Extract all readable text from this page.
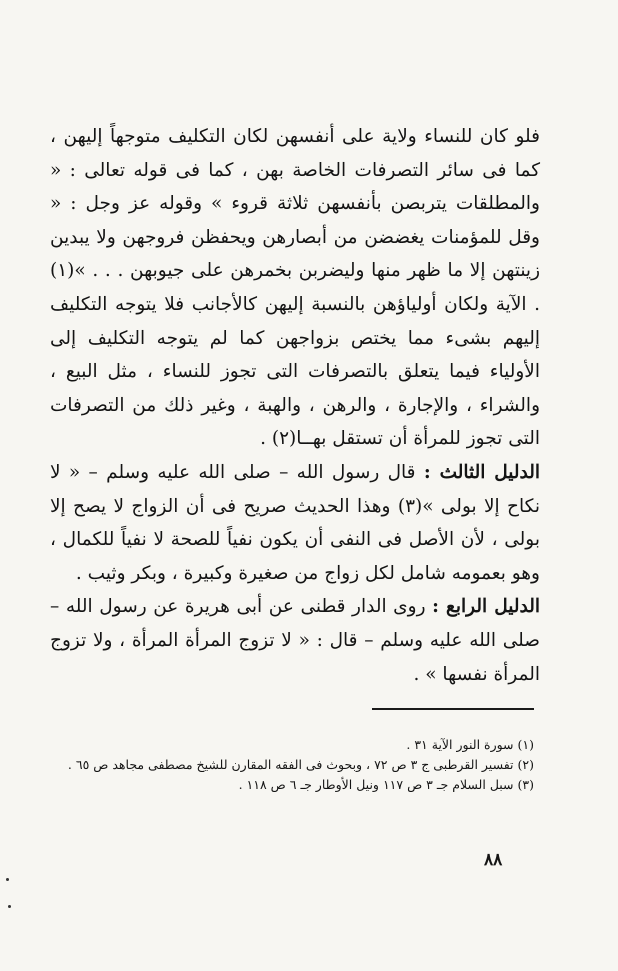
فلو كان للنساء ولاية على أنفسهن لكان التكليف متوجهاً إليهن ، كما فى سائر التصرفات الخاصة بهن ، كما فى قوله تعالى : « والمطلقات يتربصن بأنفسهن ثلاثة قروء » وقوله عز وجل : « وقل للمؤمنات يغضضن من أبصارهن ويحفظن فروجهن ولا يبدين زينتهن إلا ما ظهر منها وليضربن بخمرهن على جيوبهن . . . »(١) . الآية ولكان أولياؤهن بالنسبة إليهن كالأجانب فلا يتوجه التكليف إليهم بشىء مما يختص بزواجهن كما لم يتوجه التكليف إلى الأولياء فيما يتعلق بالتصرفات التى تجوز للنساء ، مثل البيع ، والشراء ، والإجارة ، والرهن ، والهبة ، وغير ذلك من التصرفات التى تجوز للمرأة أن تستقل بهــا(٢) .

الدليل الثالث : قال رسول الله – صلى الله عليه وسلم – « لا نكاح إلا بولى »(٣) وهذا الحديث صريح فى أن الزواج لا يصح إلا بولى ، لأن الأصل فى النفى أن يكون نفياً للصحة لا نفياً للكمال ، وهو بعمومه شامل لكل زواج من صغيرة وكبيرة ، وبكر وثيب .

الدليل الرابع : روى الدار قطنى عن أبى هريرة عن رسول الله – صلى الله عليه وسلم – قال : « لا تزوج المرأة المرأة ، ولا تزوج المرأة نفسها » .

(١) سورة النور الآية ٣١ .

(٢) تفسير القرطبى ج ٣ ص ٧٢ ، وبحوث فى الفقه المقارن للشيخ مصطفى مجاهد ص ٦٥ .

(٣) سبل السلام جـ ٣ ص ١١٧ ونيل الأوطار جـ ٦ ص ١١٨ .

٨٨
